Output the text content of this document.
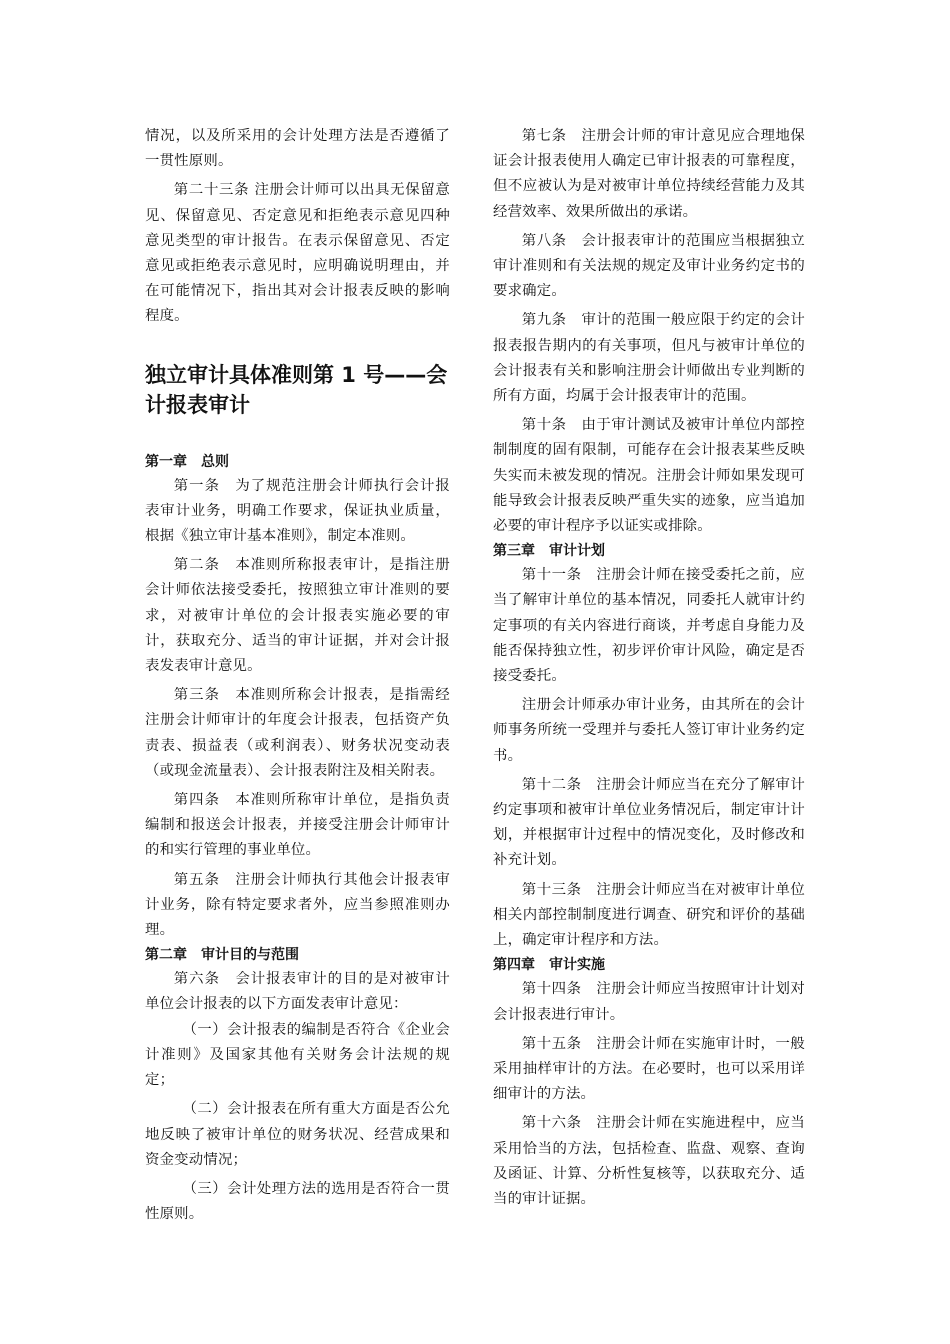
情况，以及所采用的会计处理方法是否遵循了一贯性原则。

第二十三条 注册会计师可以出具无保留意见、保留意见、否定意见和拒绝表示意见四种意见类型的审计报告。在表示保留意见、否定意见或拒绝表示意见时，应明确说明理由，并在可能情况下，指出其对会计报表反映的影响程度。

独立审计具体准则第 1 号——会计报表审计

第一章　总则

第一条　为了规范注册会计师执行会计报表审计业务，明确工作要求，保证执业质量，根据《独立审计基本准则》，制定本准则。

第二条　本准则所称报表审计，是指注册会计师依法接受委托，按照独立审计准则的要求，对被审计单位的会计报表实施必要的审计，获取充分、适当的审计证据，并对会计报表发表审计意见。

第三条　本准则所称会计报表，是指需经注册会计师审计的年度会计报表，包括资产负责表、损益表（或利润表）、财务状况变动表（或现金流量表）、会计报表附注及相关附表。

第四条　本准则所称审计单位，是指负责编制和报送会计报表，并接受注册会计师审计的和实行管理的事业单位。

第五条　注册会计师执行其他会计报表审计业务，除有特定要求者外，应当参照准则办理。

第二章　审计目的与范围

第六条　会计报表审计的目的是对被审计单位会计报表的以下方面发表审计意见：

（一）会计报表的编制是否符合《企业会计准则》及国家其他有关财务会计法规的规定；

（二）会计报表在所有重大方面是否公允地反映了被审计单位的财务状况、经营成果和资金变动情况；

（三）会计处理方法的选用是否符合一贯性原则。

第七条　注册会计师的审计意见应合理地保证会计报表使用人确定已审计报表的可靠程度，但不应被认为是对被审计单位持续经营能力及其经营效率、效果所做出的承诺。

第八条　会计报表审计的范围应当根据独立审计准则和有关法规的规定及审计业务约定书的要求确定。

第九条　审计的范围一般应限于约定的会计报表报告期内的有关事项，但凡与被审计单位的会计报表有关和影响注册会计师做出专业判断的所有方面，均属于会计报表审计的范围。

第十条　由于审计测试及被审计单位内部控制制度的固有限制，可能存在会计报表某些反映失实而未被发现的情况。注册会计师如果发现可能导致会计报表反映严重失实的迹象，应当追加必要的审计程序予以证实或排除。

第三章　审计计划

第十一条　注册会计师在接受委托之前，应当了解审计单位的基本情况，同委托人就审计约定事项的有关内容进行商谈，并考虑自身能力及能否保持独立性，初步评价审计风险，确定是否接受委托。

注册会计师承办审计业务，由其所在的会计师事务所统一受理并与委托人签订审计业务约定书。

第十二条　注册会计师应当在充分了解审计约定事项和被审计单位业务情况后，制定审计计划，并根据审计过程中的情况变化，及时修改和补充计划。

第十三条　注册会计师应当在对被审计单位相关内部控制制度进行调查、研究和评价的基础上，确定审计程序和方法。

第四章　审计实施

第十四条　注册会计师应当按照审计计划对会计报表进行审计。

第十五条　注册会计师在实施审计时，一般采用抽样审计的方法。在必要时，也可以采用详细审计的方法。

第十六条　注册会计师在实施进程中，应当采用恰当的方法，包括检查、监盘、观察、查询及函证、计算、分析性复核等，以获取充分、适当的审计证据。
